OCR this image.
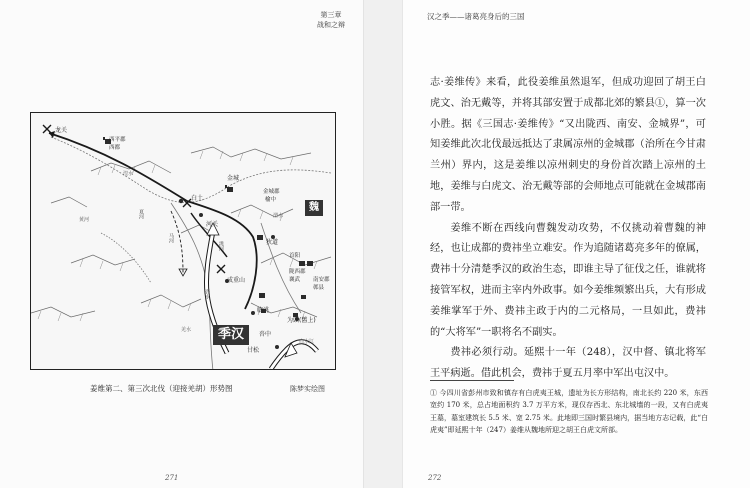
第三章
战和之辩
龙关
西平郡
西都
金城
金城郡
榆中
魏
白土
河关
狄道
首阳
陇西郡
襄武 南安郡
鄣县
成重山
临洮
甘松
沓中
为頭(舊上)
季汉
湟水
洮河
沓水
渭水
夏河
马河
黄河
羌水
白水江
姜维第二、第三次北伐（迎接羌胡）形势图	陈梦实绘图
271
汉之季——诸葛亮身后的三国

志·姜维传》来看，此役姜维虽然退军，但成功迎回了胡王白虎文、治无戴等，并将其部安置于成都北郊的繁县①，算一次小胜。据《三国志·姜维传》“又出陇西、南安、金城界”，可知姜维此次北伐最远抵达了隶属凉州的金城郡（治所在今甘肃兰州）界内，这是姜维以凉州刺史的身份首次踏上凉州的土地，姜维与白虎文、治无戴等部的会师地点可能就在金城郡南部一带。

姜维不断在西线向曹魏发动攻势，不仅挑动着曹魏的神经，也让成都的费祎坐立难安。作为追随诸葛亮多年的僚属，费祎十分清楚季汉的政治生态，即谁主导了征伐之任，谁就将接管军权，进而主宰内外政事。如今姜维频繁出兵，大有形成姜维掌军于外、费祎主政于内的二元格局，一旦如此，费祎的“大将军”一职将名不副实。

费祎必须行动。延熙十一年（248），汉中督、镇北将军王平病逝。借此机会，费祎于夏五月率中军出屯汉中。

① 今四川省彭州市致和镇存有白虎夷王城，遗址为长方形结构，南北长约 220 米，东西宽约 170 米，总占地面积约 3.7 万平方米，现仅存西北、东北城墙的一段，又有白虎夷王墓，墓室建筑长 5.5 米、宽 2.75 米。此地即三国时繁县境内，据当地方志记载，此“白虎夷”即延熙十年（247）姜维从魏地所迎之胡王白虎文所部。
272
